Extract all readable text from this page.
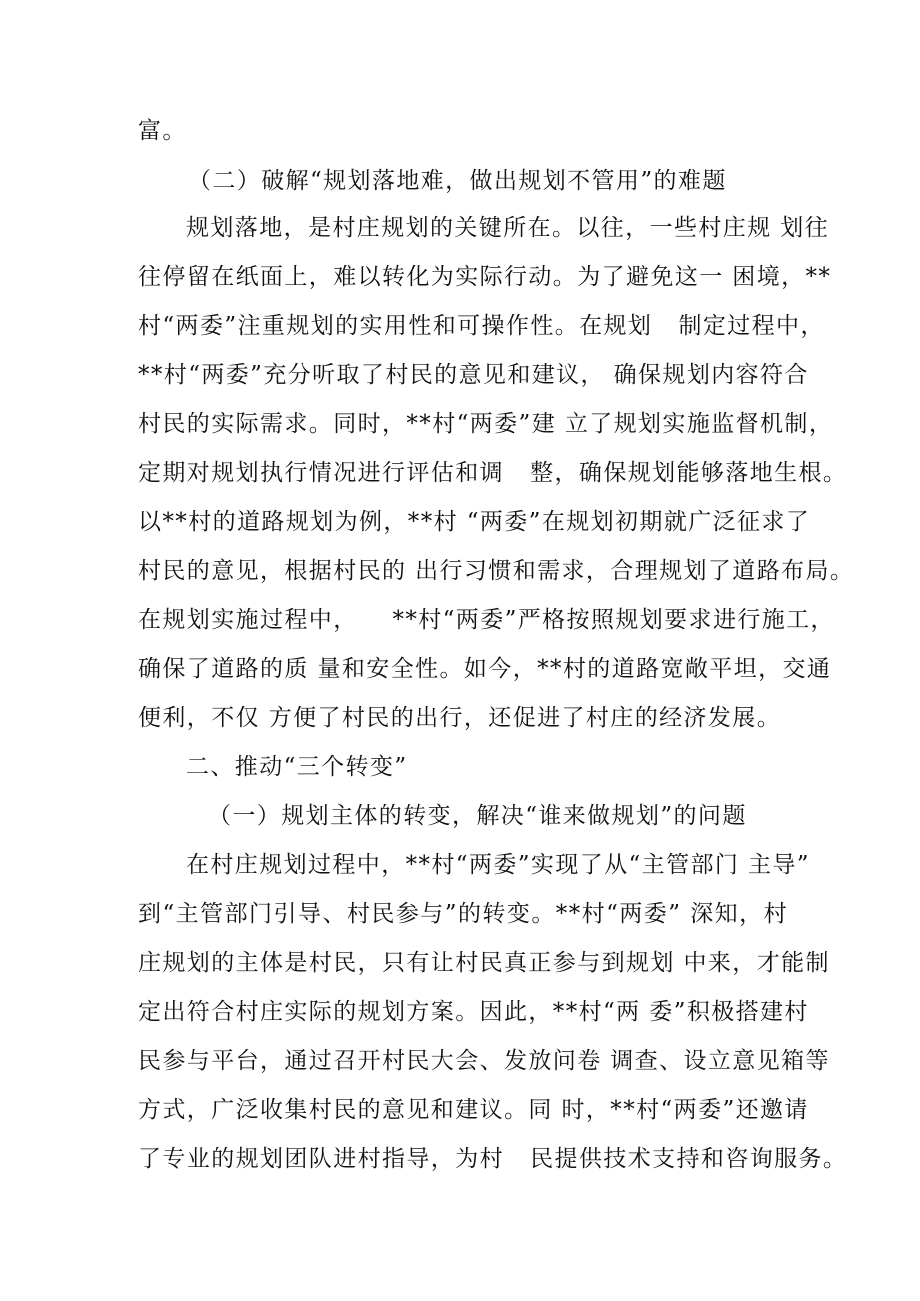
富。
（二）破解“规划落地难，做出规划不管用”的难题
规划落地，是村庄规划的关键所在。以往，一些村庄规 划往
往停留在纸面上，难以转化为实际行动。为了避免这一 困境，**
村“两委”注重规划的实用性和可操作性。在规划   制定过程中，
**村“两委”充分听取了村民的意见和建议， 确保规划内容符合
村民的实际需求。同时，**村“两委”建 立了规划实施监督机制，
定期对规划执行情况进行评估和调   整，确保规划能够落地生根。
以**村的道路规划为例，**村 “两委”在规划初期就广泛征求了
村民的意见，根据村民的 出行习惯和需求，合理规划了道路布局。
在规划实施过程中，    **村“两委”严格按照规划要求进行施工，
确保了道路的质 量和安全性。如今，**村的道路宽敞平坦，交通
便利，不仅 方便了村民的出行，还促进了村庄的经济发展。
二、推动“三个转变”
（一）规划主体的转变，解决“谁来做规划”的问题
在村庄规划过程中，**村“两委”实现了从“主管部门 主导”
到“主管部门引导、村民参与”的转变。**村“两委” 深知，村
庄规划的主体是村民，只有让村民真正参与到规划 中来，才能制
定出符合村庄实际的规划方案。因此，**村“两 委”积极搭建村
民参与平台，通过召开村民大会、发放问卷 调查、设立意见箱等
方式，广泛收集村民的意见和建议。同 时，**村“两委”还邀请
了专业的规划团队进村指导，为村   民提供技术支持和咨询服务。
